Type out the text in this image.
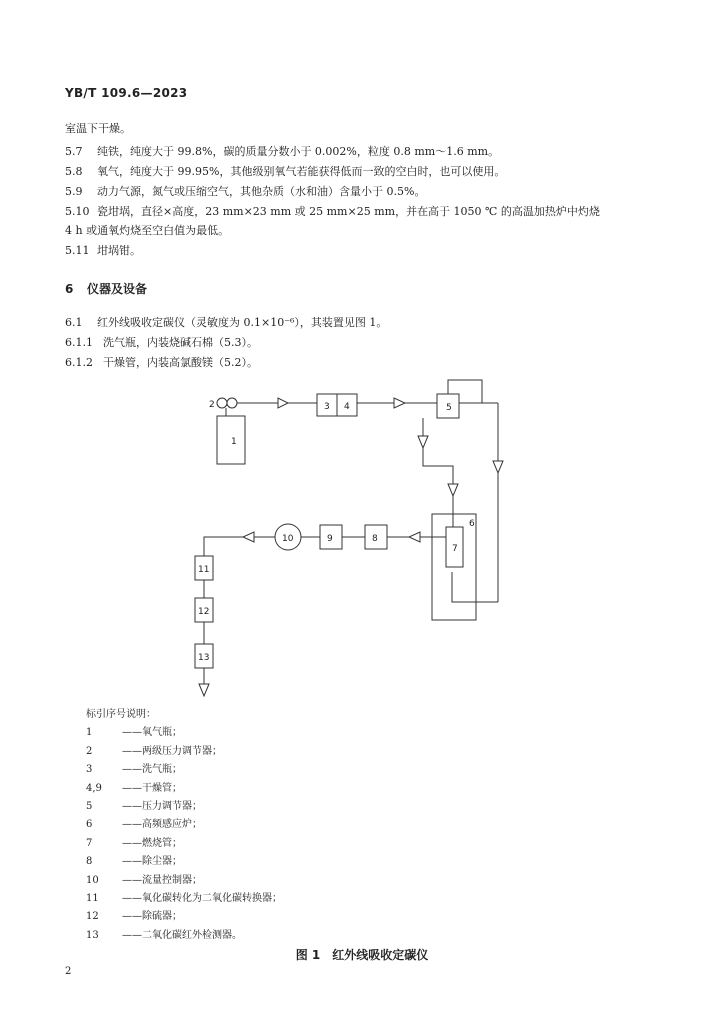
YB/T 109.6—2023
室温下干燥。
5.7 纯铁，纯度大于 99.8%，碳的质量分数小于 0.002%，粒度 0.8 mm～1.6 mm。
5.8 氧气，纯度大于 99.95%，其他级别氧气若能获得低而一致的空白时，也可以使用。
5.9 动力气源，氮气或压缩空气，其他杂质（水和油）含量小于 0.5%。
5.10 瓷坩埚，直径×高度，23 mm×23 mm 或 25 mm×25 mm，并在高于 1050 ℃ 的高温加热炉中灼烧
4 h 或通氧灼烧至空白值为最低。
5.11 坩埚钳。
6 仪器及设备
6.1 红外线吸收定碳仪（灵敏度为 0.1×10⁻⁶），其装置见图 1。
6.1.1 洗气瓶，内装烧碱石棉（5.3）。
6.1.2 干燥管，内装高氯酸镁（5.2）。
1
2	3 4	5
6
7
8
9
10
11
12
13
标引序号说明：
1	—— 氧气瓶；
2	—— 两级压力调节器；
3	—— 洗气瓶；
4,9	—— 干燥管；
5	—— 压力调节器；
6	—— 高频感应炉；
7	—— 燃烧管；
8	—— 除尘器；
10	—— 流量控制器；
11	—— 氧化碳转化为二氧化碳转换器；
12	—— 除硫器；
13	—— 二氧化碳红外检测器。
图 1　红外线吸收定碳仪
2
